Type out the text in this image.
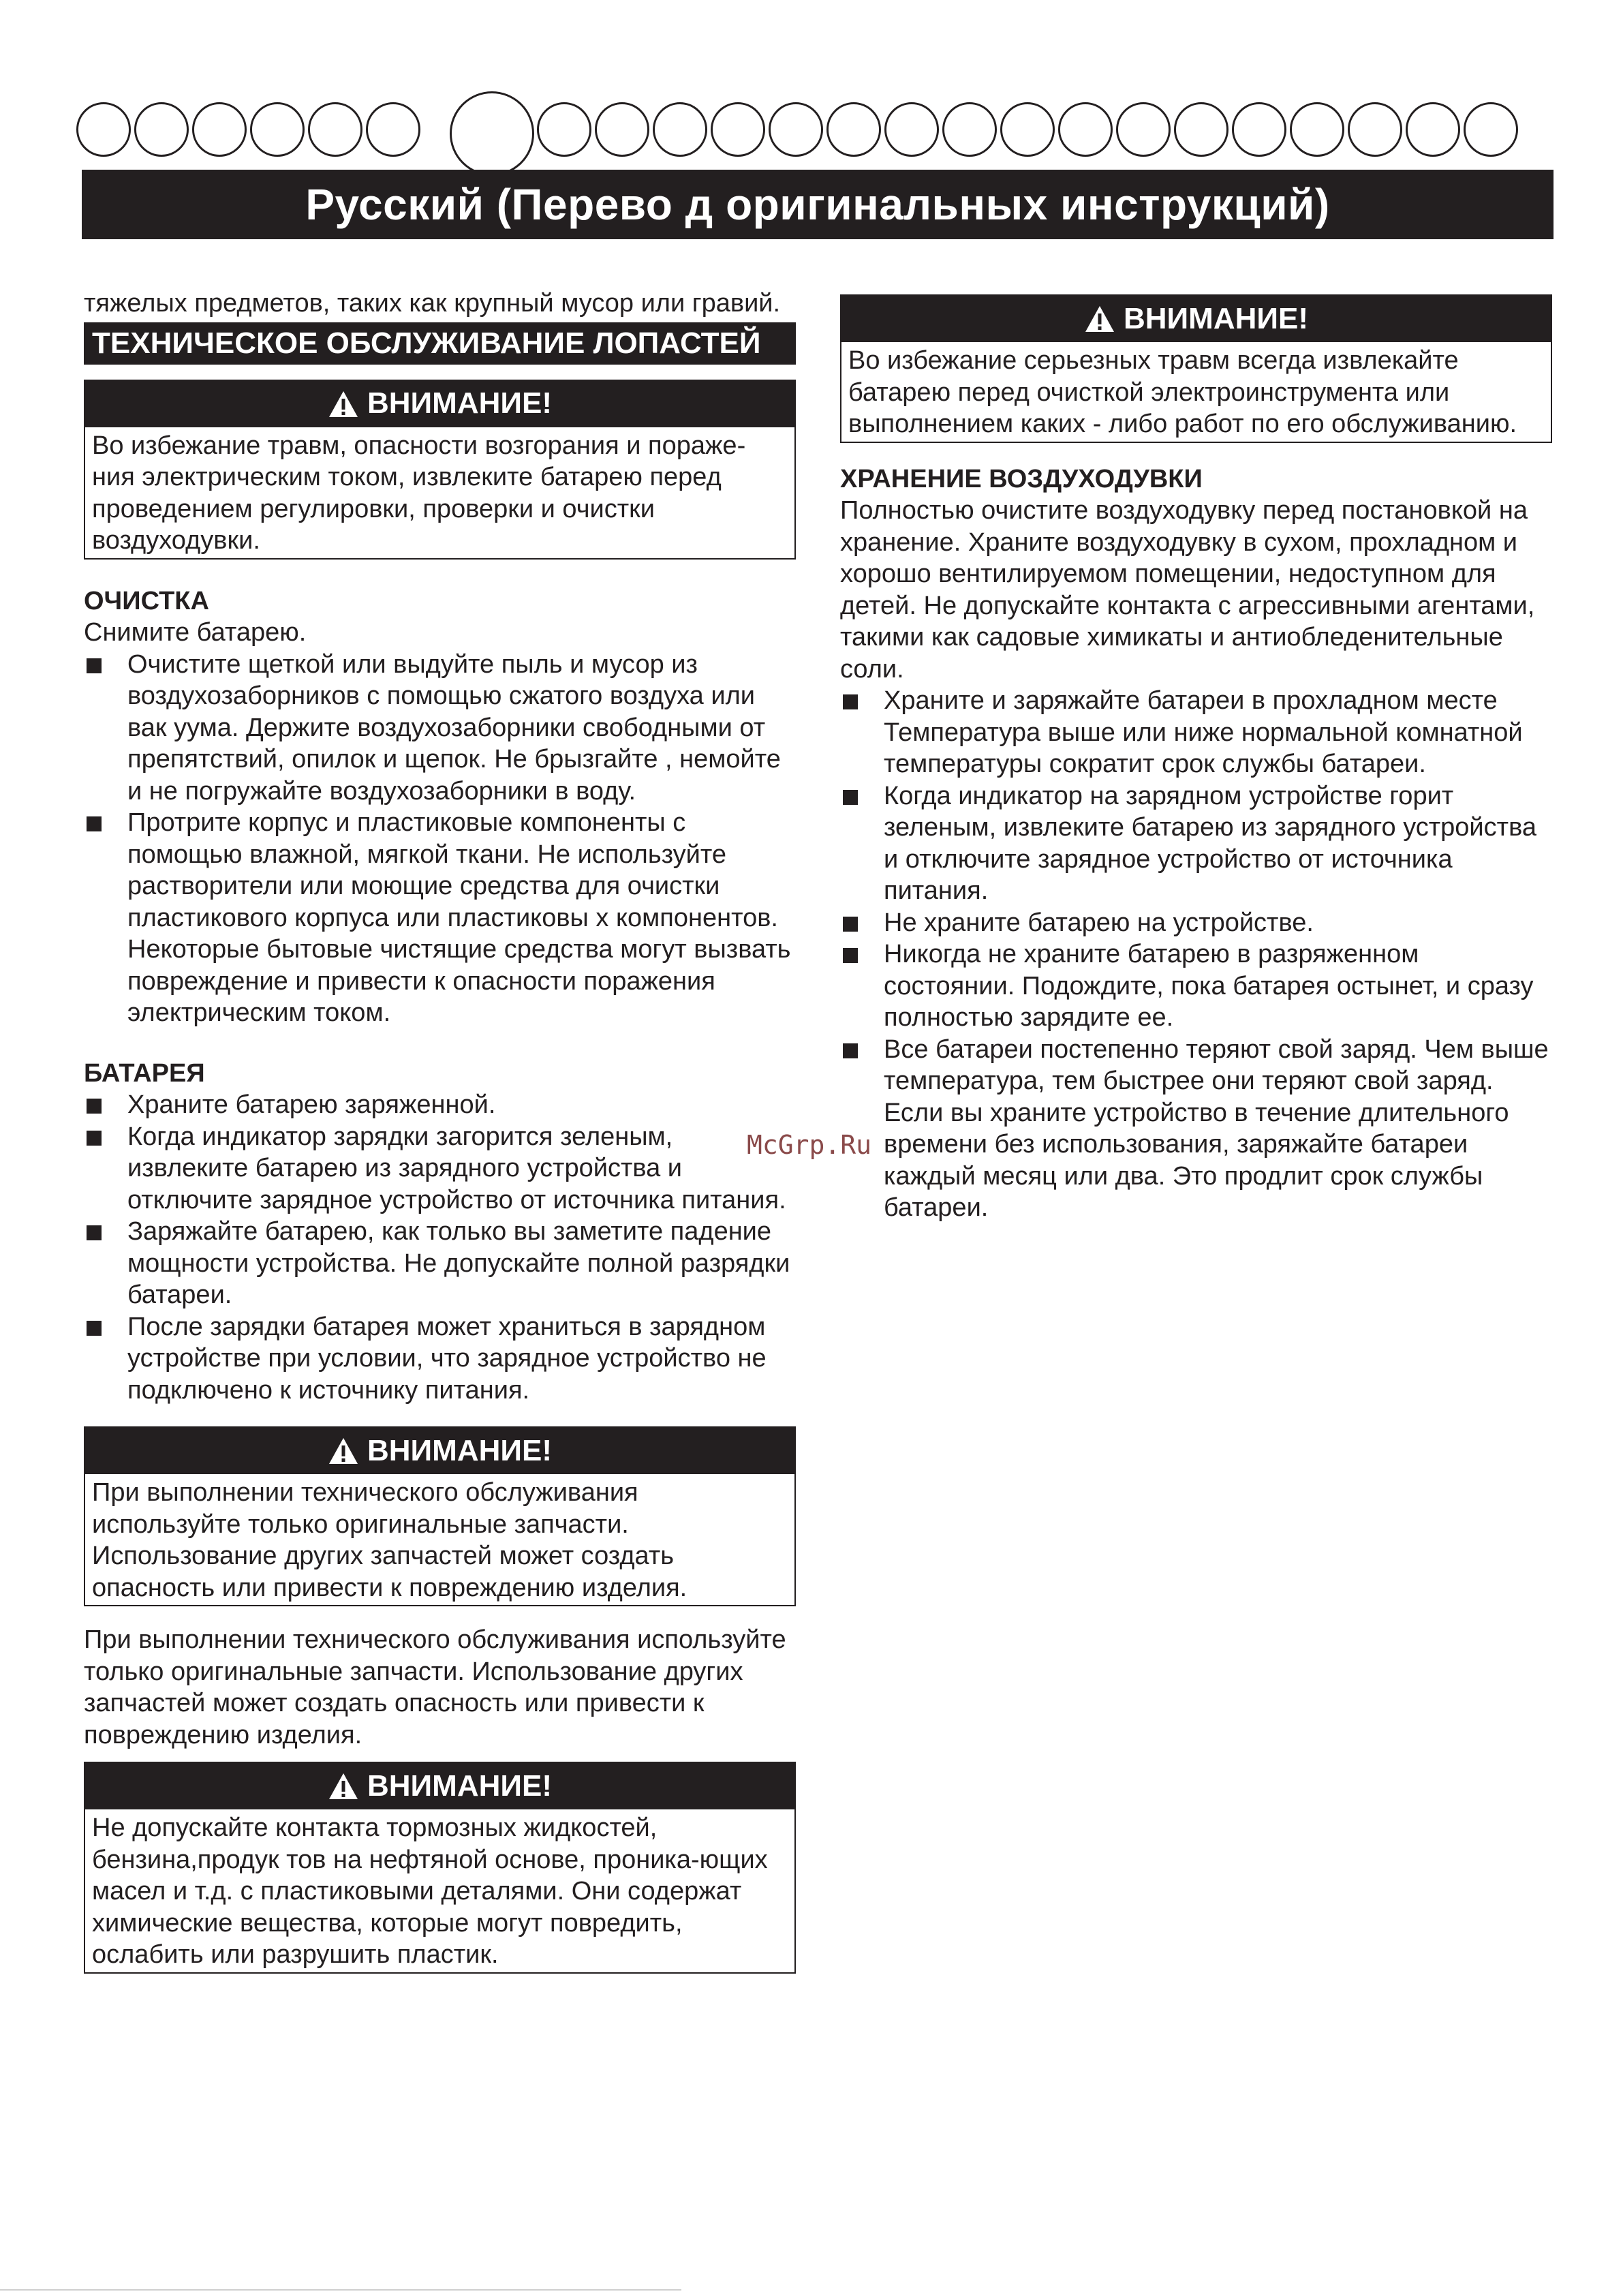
Русский (Перево д оригинальных инструкций)

тяжелых предметов, таких как крупный мусор или гравий.

ТЕХНИЧЕСКОЕ ОБСЛУЖИВАНИЕ ЛОПАСТЕЙ
ВНИМАНИЕ!
Во избежание травм, опасности возгорания и пораже-ния электрическим током, извлеките батарею перед проведением регулировки, проверки и очистки воздуходувки.

ОЧИСТКА

Снимите батарею.

Очистите щеткой или выдуйте пыль и мусор из воздухозаборников с помощью сжатого воздуха или вак уума. Держите воздухозаборники свободными от препятствий, опилок и щепок. Не брызгайте , немойте и не погружайте воздухозаборники в воду.
Протрите корпус и пластиковые компоненты с помощью влажной, мягкой ткани. Не используйте растворители или моющие средства для очистки пластикового корпуса или пластиковы х компонентов. Некоторые бытовые чистящие средства могут вызвать повреждение и привести к опасности поражения электрическим током.

БАТАРЕЯ

Храните батарею заряженной.
Когда индикатор зарядки загорится зеленым, извлеките батарею из зарядного устройства и отключите зарядное устройство от источника питания.
Заряжайте батарею, как только вы заметите падение мощности устройства. Не допускайте полной разрядки батареи.
После зарядки батарея может храниться в зарядном устройстве при условии, что зарядное устройство не подключено к источнику питания.
ВНИМАНИЕ!
При выполнении технического обслуживания используйте только оригинальные запчасти. Использование других запчастей может создать опасность или привести к повреждению изделия.

При выполнении технического обслуживания используйте только оригинальные запчасти. Использование других запчастей может создать опасность или привести к повреждению изделия.

ВНИМАНИЕ!
Не допускайте контакта тормозных жидкостей, бензина,продук тов на нефтяной основе, проника-ющих масел и т.д. с пластиковыми деталями. Они содержат химические вещества, которые могут повредить, ослабить или разрушить пластик.
ВНИМАНИЕ!
Во избежание серьезных травм всегда извлекайте батарею перед очисткой электроинструмента или выполнением каких - либо работ по его обслуживанию.

ХРАНЕНИЕ ВОЗДУХОДУВКИ

Полностью очистите воздуходувку перед постановкой на хранение. Храните воздуходувку в сухом, прохладном и хорошо вентилируемом помещении, недоступном для детей. Не допускайте контакта с агрессивными агентами, такими как садовые химикаты и антиобледенительные соли.

Храните и заряжайте батареи в прохладном месте Температура выше или ниже нормальной комнатной температуры сократит срок службы батареи.
Когда индикатор на зарядном устройстве горит зеленым, извлеките батарею из зарядного устройства и отключите зарядное устройство от источника питания.
Не храните батарею на устройстве.
Никогда не храните батарею в разряженном состоянии. Подождите, пока батарея остынет, и сразу полностью зарядите ее.
Все батареи постепенно теряют свой заряд. Чем выше температура, тем быстрее они теряют свой заряд. Если вы храните устройство в течение длительного времени без использования, заряжайте батареи каждый месяц или два. Это продлит срок службы батареи.
McGrp.Ru
